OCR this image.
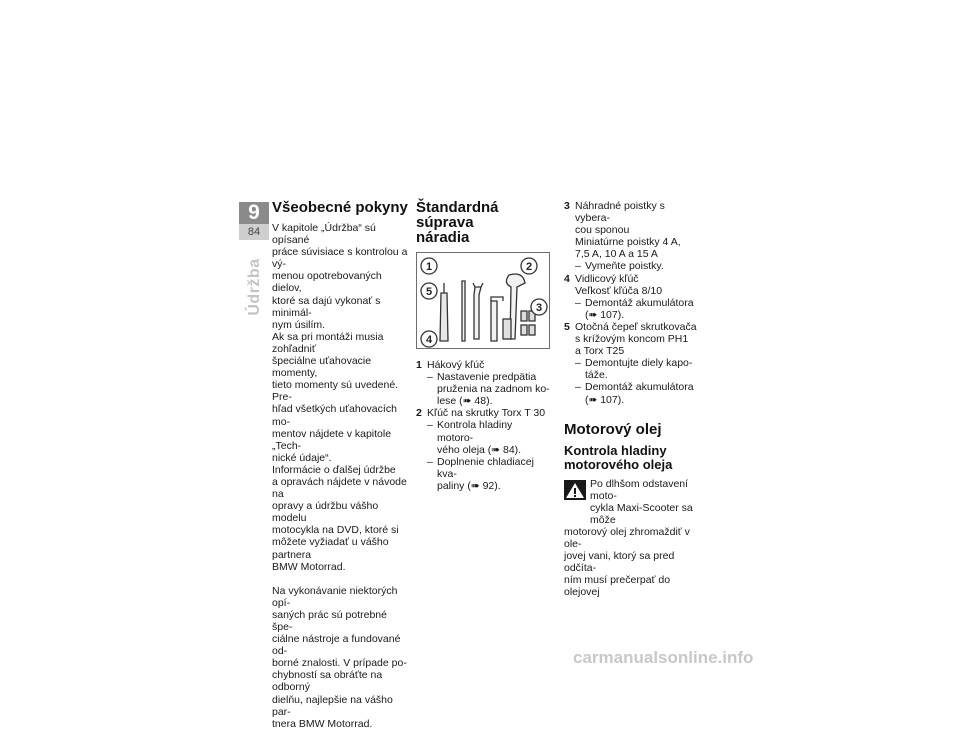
9
84
Údržba
Všeobecné pokyny

V kapitole „Údržba“ sú opísané
práce súvisiace s kontrolou a vý-
menou opotrebovaných dielov,
ktoré sa dajú vykonať s minimál-
nym úsilím.
Ak sa pri montáži musia zohľadniť
špeciálne uťahovacie momenty,
tieto momenty sú uvedené. Pre-
hľad všetkých uťahovacích mo-
mentov nájdete v kapitole „Tech-
nické údaje“.
Informácie o ďalšej údržbe
a opravách nájdete v návode na
opravy a údržbu vášho modelu
motocykla na DVD, ktoré si
môžete vyžiadať u vášho partnera
BMW Motorrad.

Na vykonávanie niektorých opí-
saných prác sú potrebné špe-
ciálne nástroje a fundované od-
borné znalosti. V prípade po-
chybností sa obráťte na odborný
dielňu, najlepšie na vášho par-
tnera BMW Motorrad.

Štandardná súprava
náradia
1	2
3
4
5
1 Hákový kľúč
– Nastavenie predpätia
pruženia na zadnom ko-
lese (➠ 48).
2 Kľúč na skrutky Torx T 30
– Kontrola hladiny motoro-
vého oleja (➠ 84).
– Doplnenie chladiacej kva-
paliny (➠ 92).
3 Náhradné poistky s vybera-
cou sponou
Miniatúrne poistky 4 A,
7,5 A, 10 A a 15 A
– Vymeňte poistky.
4 Vidlicový kľúč
Veľkosť kľúča 8/10
– Demontáž akumulátora
(➠ 107).
5 Otočná čepeľ skrutkovača
s krížovým koncom PH1
a Torx T25
– Demontujte diely kapo-
táže.
– Demontáž akumulátora
(➠ 107).
Motorový olej
Kontrola hladiny
motorového oleja
Po dlhšom odstavení moto-
cykla Maxi-Scooter sa môže

motorový olej zhromaždiť v ole-
jovej vani, ktorý sa pred odčíta-
ním musí prečerpať do olejovej

carmanualsonline.info
